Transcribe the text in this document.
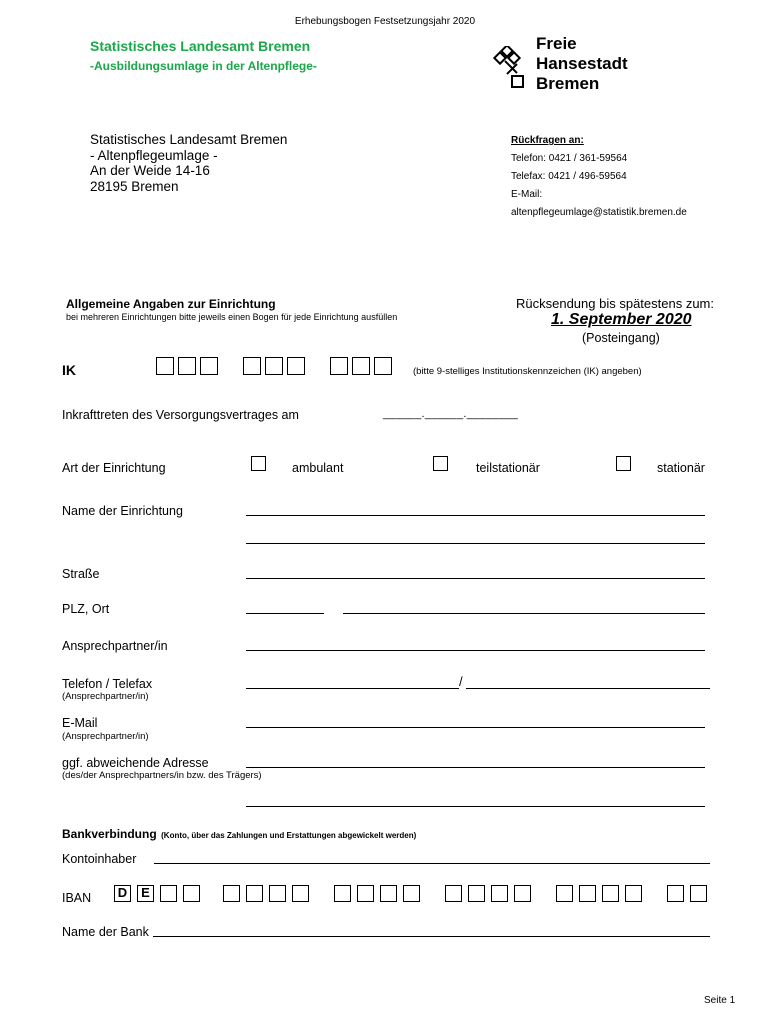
Erhebungsbogen Festsetzungsjahr 2020
Statistisches Landesamt Bremen
-Ausbildungsumlage in der Altenpflege-
Freie
Hansestadt
Bremen
Statistisches Landesamt Bremen
- Altenpflegeumlage -
An der Weide 14-16
28195 Bremen
Rückfragen an:
Telefon: 0421 / 361-59564
Telefax: 0421 / 496-59564
E-Mail:
altenpflegeumlage@statistik.bremen.de
Allgemeine Angaben zur Einrichtung
bei mehreren Einrichtungen bitte jeweils einen Bogen für jede Einrichtung ausfüllen
Rücksendung bis spätestens zum:
1. September 2020
(Posteingang)
IK	(bitte 9-stelliges Institutionskennzeichen (IK) angeben)
Inkrafttreten des Versorgungsvertrages am	______.______.________
Art der Einrichtung	ambulant	teilstationär	stationär
Name der Einrichtung
Straße
PLZ, Ort
Ansprechpartner/in
Telefon / Telefax
(Ansprechpartner/in)
/
E-Mail
(Ansprechpartner/in)
ggf. abweichende Adresse
(des/der Ansprechpartners/in bzw. des Trägers)
Bankverbindung (Konto, über das Zahlungen und Erstattungen abgewickelt werden)
Kontoinhaber
IBAN D	E
Name der Bank
Seite 1
